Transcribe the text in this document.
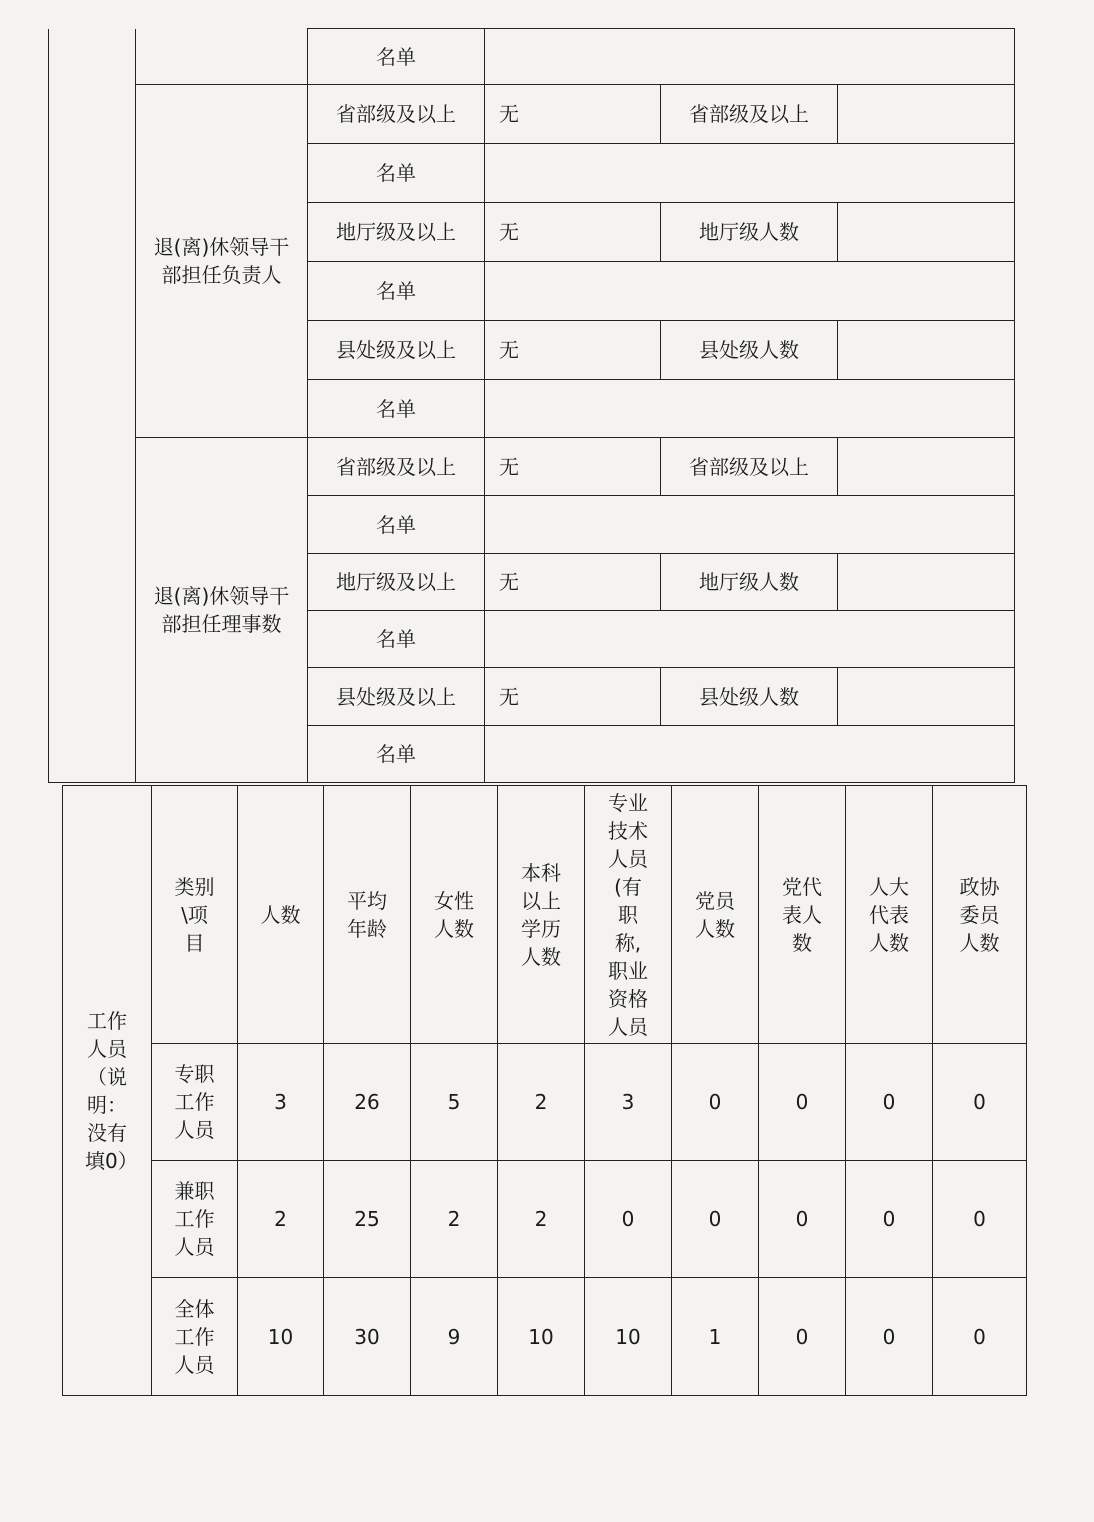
		名单			
	退(离)休领导干部担任负责人	省部级及以上	无	省部级及以上	
		名单			
		地厅级及以上	无	地厅级人数	
		名单			
		县处级及以上	无	县处级人数	
		名单			
	退(离)休领导干部担任理事数	省部级及以上	无	省部级及以上	
		名单			
		地厅级及以上	无	地厅级人数	
		名单			
		县处级及以上	无	县处级人数	
		名单			
工作人员（说明：没有填0）	类别\项目	人数	平均年龄	女性人数	本科以上学历人数	专业技术人员(有职称,职业资格人员	党员人数	党代表人数	人大代表人数	政协委员人数
	专职工作人员	3	26	5	2	3	0	0	0	0
	兼职工作人员	2	25	2	2	0	0	0	0	0
	全体工作人员	10	30	9	10	10	1	0	0	0
